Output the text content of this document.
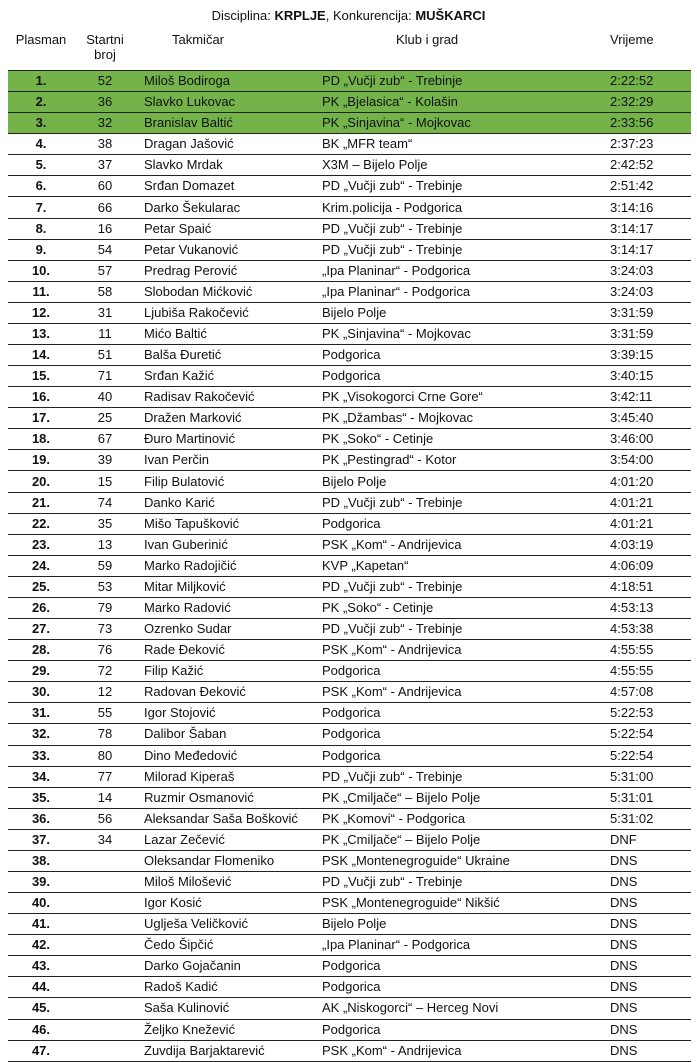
Disciplina: KRPLJE, Konkurencija: MUŠKARCI
Plasman	Startni broj	Takmičar	Klub i grad	Vrijeme
1.	52	Miloš Bodiroga	PD „Vučji zub“ - Trebinje	2:22:52
2.	36	Slavko Lukovac	PK „Bjelasica“ - Kolašin	2:32:29
3.	32	Branislav Baltić	PK „Sinjavina“ - Mojkovac	2:33:56
4.	38	Dragan Jašović	BK „MFR team“	2:37:23
5.	37	Slavko Mrdak	X3M – Bijelo Polje	2:42:52
6.	60	Srđan Domazet	PD „Vučji zub“ - Trebinje	2:51:42
7.	66	Darko Šekularac	Krim.policija - Podgorica	3:14:16
8.	16	Petar Spaić	PD „Vučji zub“ - Trebinje	3:14:17
9.	54	Petar Vukanović	PD „Vučji zub“ - Trebinje	3:14:17
10.	57	Predrag Perović	„Ipa Planinar“ - Podgorica	3:24:03
11.	58	Slobodan Mićković	„Ipa Planinar“ - Podgorica	3:24:03
12.	31	Ljubiša Rakočević	Bijelo Polje	3:31:59
13.	11	Mićo Baltić	PK „Sinjavina“ - Mojkovac	3:31:59
14.	51	Balša Đuretić	Podgorica	3:39:15
15.	71	Srđan Kažić	Podgorica	3:40:15
16.	40	Radisav Rakočević	PK „Visokogorci Crne Gore“	3:42:11
17.	25	Dražen Marković	PK „Džambas“ - Mojkovac	3:45:40
18.	67	Đuro Martinović	PK „Soko“ - Cetinje	3:46:00
19.	39	Ivan Perčin	PK „Pestingrad“ - Kotor	3:54:00
20.	15	Filip Bulatović	Bijelo Polje	4:01:20
21.	74	Danko Karić	PD „Vučji zub“ - Trebinje	4:01:21
22.	35	Mišo Tapušković	Podgorica	4:01:21
23.	13	Ivan Guberinić	PSK „Kom“ - Andrijevica	4:03:19
24.	59	Marko Radojičić	KVP „Kapetan“	4:06:09
25.	53	Mitar Miljković	PD „Vučji zub“ - Trebinje	4:18:51
26.	79	Marko Radović	PK „Soko“ - Cetinje	4:53:13
27.	73	Ozrenko Sudar	PD „Vučji zub“ - Trebinje	4:53:38
28.	76	Rade Đeković	PSK „Kom“ - Andrijevica	4:55:55
29.	72	Filip Kažić	Podgorica	4:55:55
30.	12	Radovan Đeković	PSK „Kom“ - Andrijevica	4:57:08
31.	55	Igor Stojović	Podgorica	5:22:53
32.	78	Dalibor Šaban	Podgorica	5:22:54
33.	80	Dino Međedović	Podgorica	5:22:54
34.	77	Milorad Kiperaš	PD „Vučji zub“ - Trebinje	5:31:00
35.	14	Ruzmir Osmanović	PK „Cmiljače“ – Bijelo Polje	5:31:01
36.	56	Aleksandar Saša Bošković	PK „Komovi“ - Podgorica	5:31:02
37.	34	Lazar Zečević	PK „Cmiljače“ – Bijelo Polje	DNF
38.		Oleksandar Flomeniko	PSK „Montenegroguide“ Ukraine	DNS
39.		Miloš Milošević	PD „Vučji zub“ - Trebinje	DNS
40.		Igor Kosić	PSK „Montenegroguide“ Nikšić	DNS
41.		Uglješa Veličković	Bijelo Polje	DNS
42.		Čedo Šipčić	„Ipa Planinar“ - Podgorica	DNS
43.		Darko Gojačanin	Podgorica	DNS
44.		Radoš Kadić	Podgorica	DNS
45.		Saša Kulinović	AK „Niskogorci“ – Herceg Novi	DNS
46.		Željko Knežević	Podgorica	DNS
47.		Zuvdija Barjaktarević	PSK „Kom“ - Andrijevica	DNS
